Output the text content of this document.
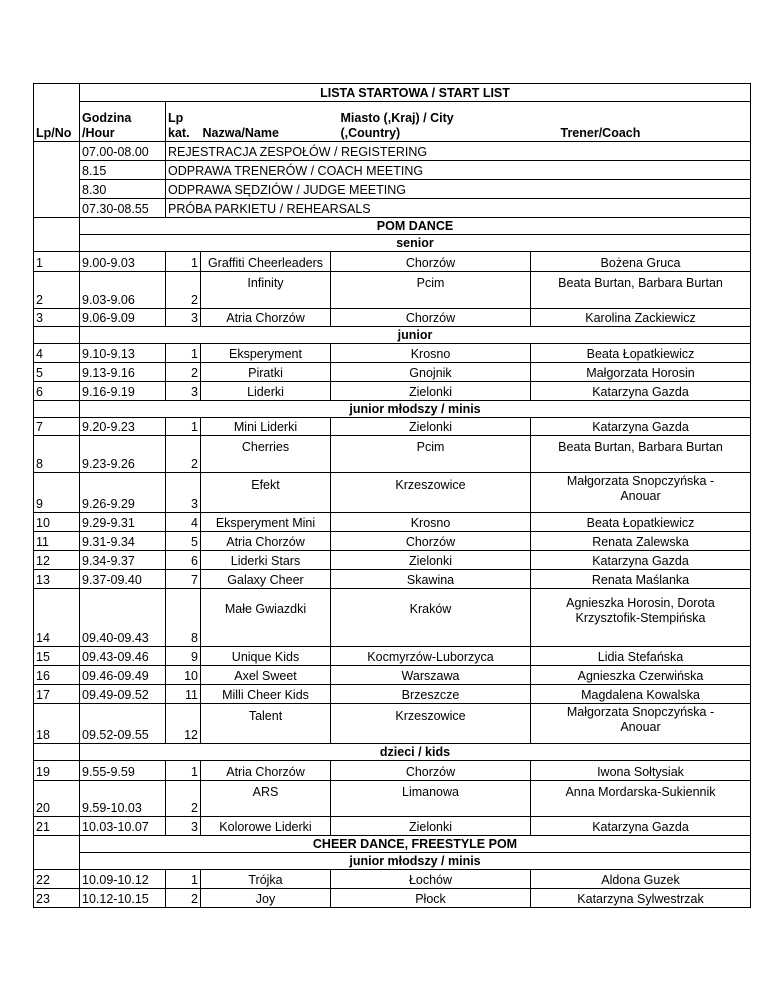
	LISTA STARTOWA / START LIST				
Lp/No	Godzina
/Hour	Lp
kat.	Nazwa/Name	Miasto (,Kraj) / City
(,Country)	Trener/Coach
	07.00-08.00	REJESTRACJA ZESPOŁÓW / REGISTERING			
	8.15	ODPRAWA TRENERÓW / COACH MEETING			
	8.30	ODPRAWA SĘDZIÓW / JUDGE MEETING			
	07.30-08.55	PRÓBA PARKIETU / REHEARSALS			
	POM DANCE				
	senior				
1	9.00-9.03	1	Graffiti Cheerleaders	Chorzów	Bożena Gruca
2	9.03-9.06	2	Infinity	Pcim	Beata Burtan, Barbara Burtan
3	9.06-9.09	3	Atria Chorzów	Chorzów	Karolina Zackiewicz
	junior				
4	9.10-9.13	1	Eksperyment	Krosno	Beata Łopatkiewicz
5	9.13-9.16	2	Piratki	Gnojnik	Małgorzata Horosin
6	9.16-9.19	3	Liderki	Zielonki	Katarzyna Gazda
	junior młodszy / minis				
7	9.20-9.23	1	Mini Liderki	Zielonki	Katarzyna Gazda
8	9.23-9.26	2	Cherries	Pcim	Beata Burtan, Barbara Burtan
9	9.26-9.29	3	Efekt	Krzeszowice	Małgorzata Snopczyńska -
Anouar
10	9.29-9.31	4	Eksperyment Mini	Krosno	Beata Łopatkiewicz
11	9.31-9.34	5	Atria Chorzów	Chorzów	Renata Zalewska
12	9.34-9.37	6	Liderki Stars	Zielonki	Katarzyna Gazda
13	9.37-09.40	7	Galaxy Cheer	Skawina	Renata Maślanka
14	09.40-09.43	8	Małe Gwiazdki	Kraków	Agnieszka Horosin, Dorota
Krzysztofik-Stempińska
15	09.43-09.46	9	Unique Kids	Kocmyrzów-Luborzyca	Lidia Stefańska
16	09.46-09.49	10	Axel Sweet	Warszawa	Agnieszka Czerwińska
17	09.49-09.52	11	Milli Cheer Kids	Brzeszcze	Magdalena Kowalska
18	09.52-09.55	12	Talent	Krzeszowice	Małgorzata Snopczyńska -
Anouar
	dzieci / kids				
19	9.55-9.59	1	Atria Chorzów	Chorzów	Iwona Sołtysiak
20	9.59-10.03	2	ARS	Limanowa	Anna Mordarska-Sukiennik
21	10.03-10.07	3	Kolorowe Liderki	Zielonki	Katarzyna Gazda
	CHEER DANCE, FREESTYLE POM				
	junior młodszy / minis				
22	10.09-10.12	1	Trójka	Łochów	Aldona Guzek
23	10.12-10.15	2	Joy	Płock	Katarzyna Sylwestrzak
